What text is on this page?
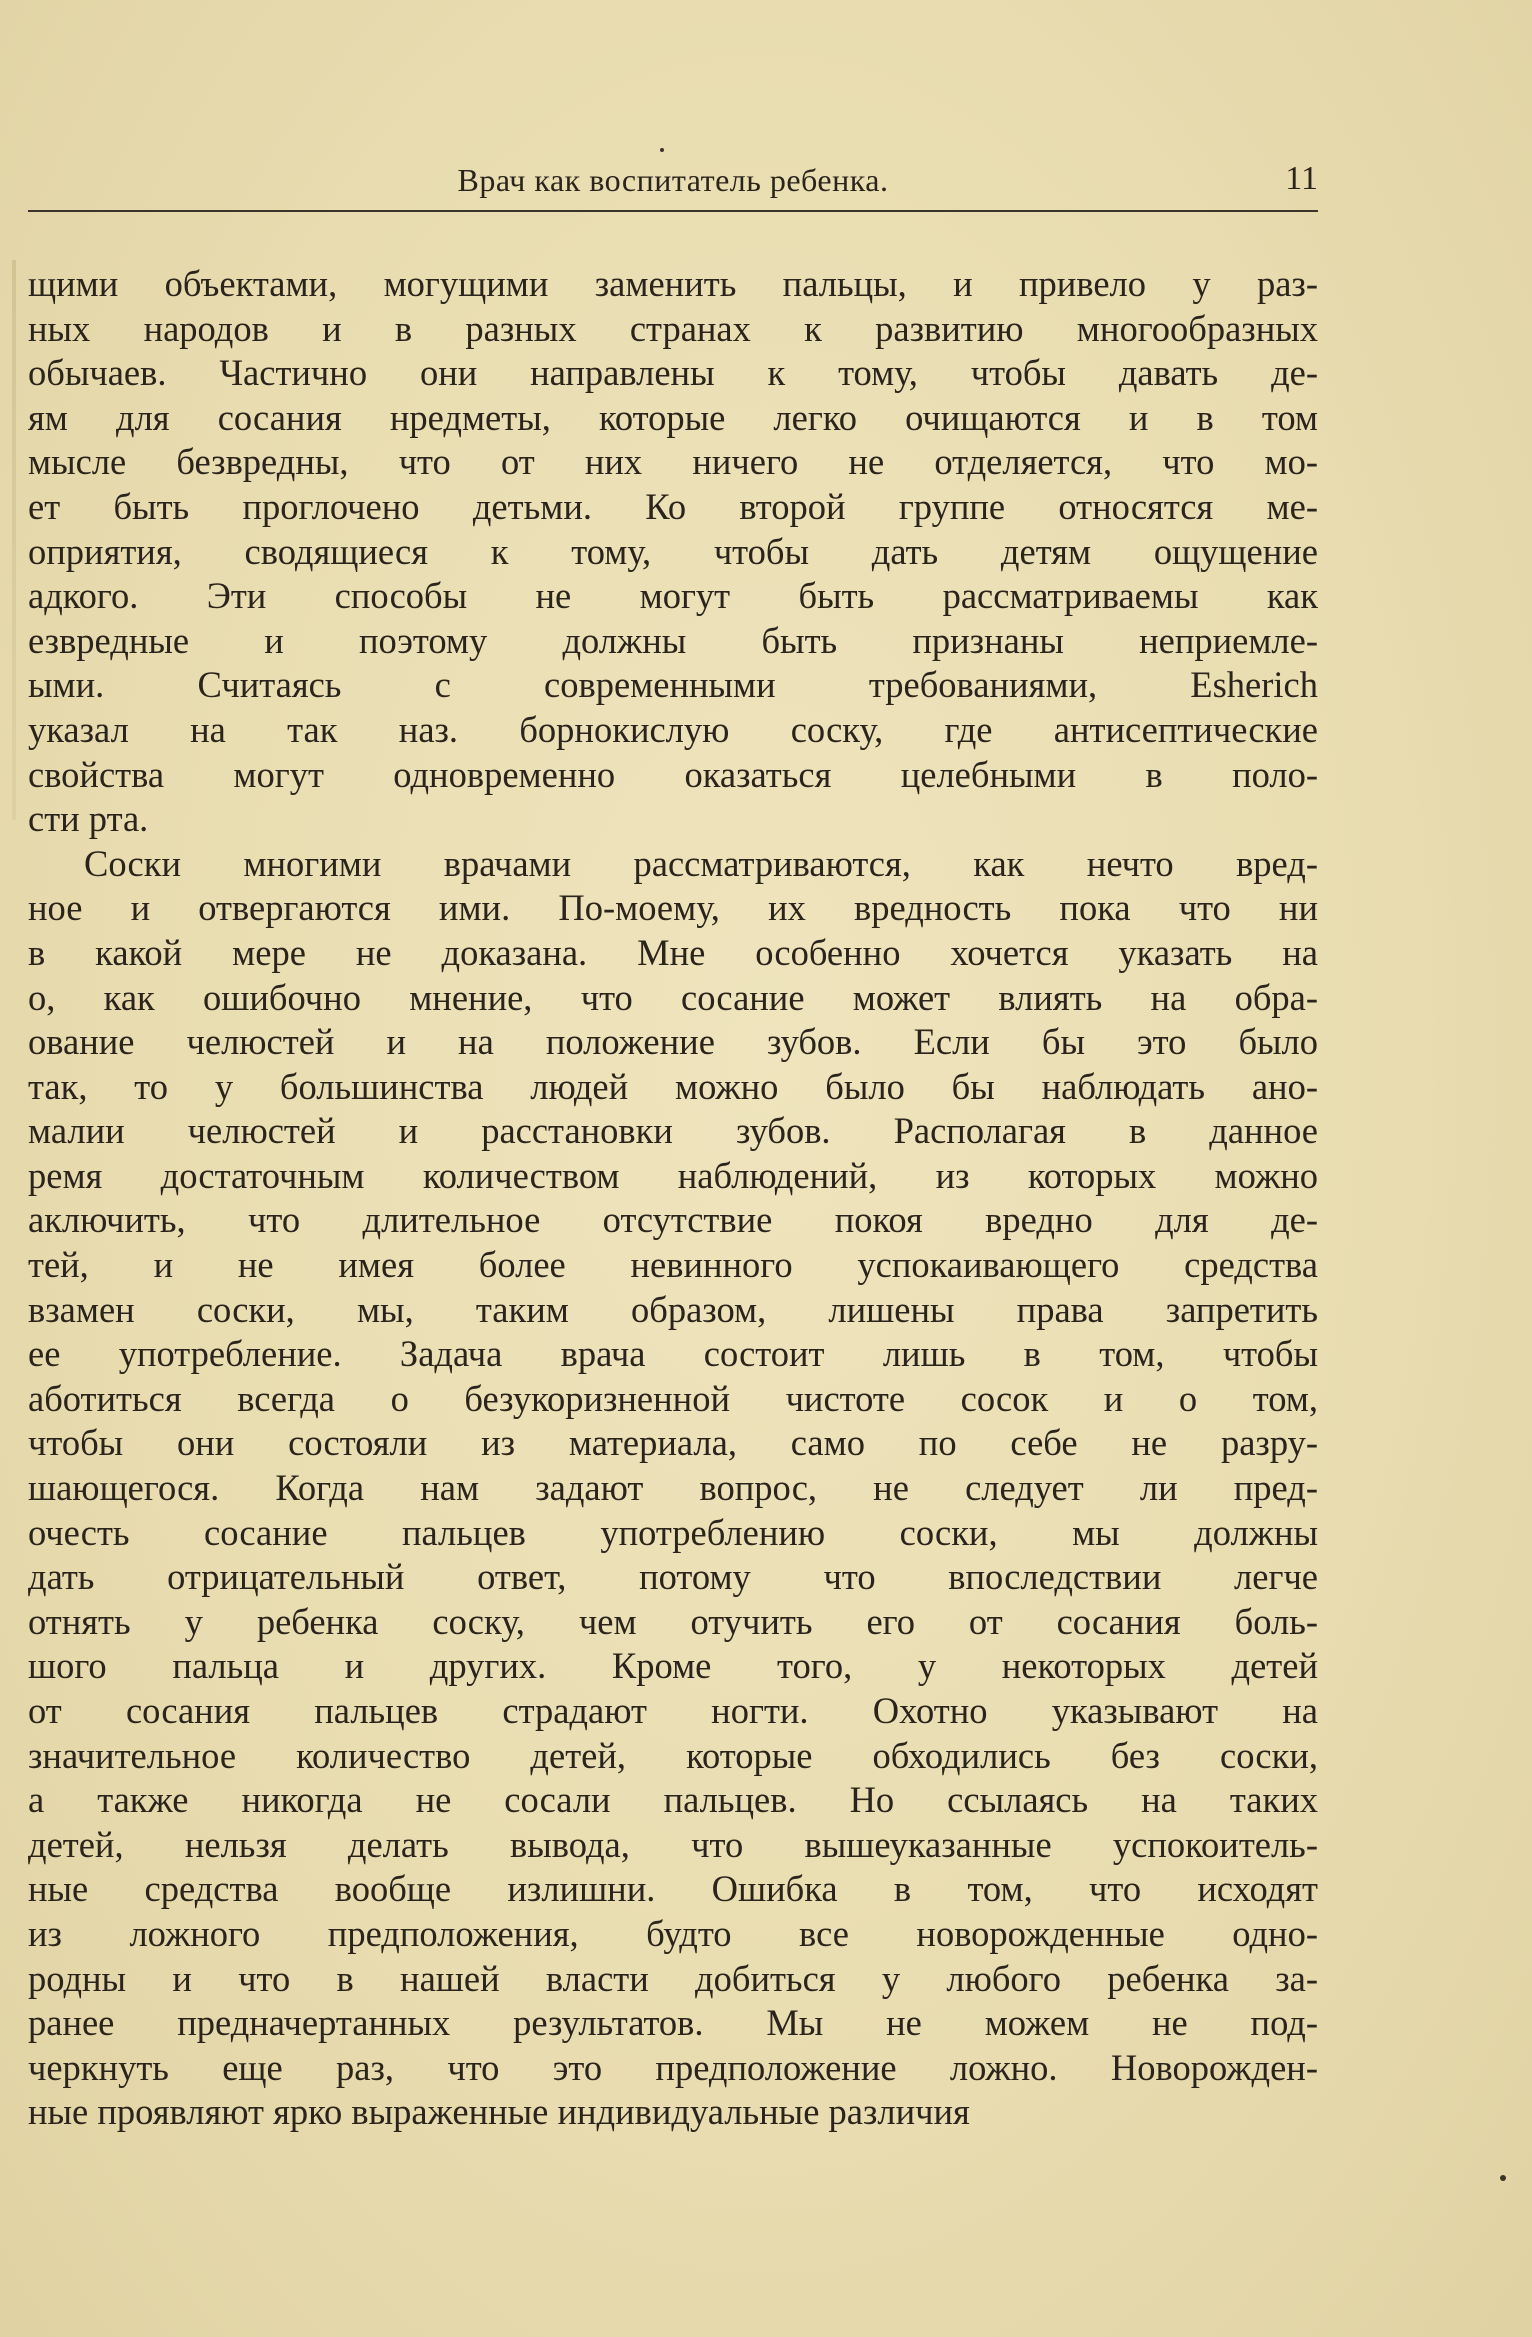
Врач как воспитатель ребенка.	11
щими объектами, могущими заменить пальцы, и привело у раз-
ных народов и в разных странах к развитию многообразных
обычаев. Частично они направлены к тому, чтобы давать де-
ям для сосания нредметы, которые легко очищаются и в том
мысле безвредны, что от них ничего не отделяется, что мо-
ет быть проглочено детьми. Ко второй группе относятся ме-
оприятия, сводящиеся к тому, чтобы дать детям ощущение
адкого. Эти способы не могут быть рассматриваемы как
езвредные и поэтому должны быть признаны неприемле-
ыми. Считаясь с современными требованиями, Esherich
указал на так наз. борнокислую соску, где антисептические
свойства могут одновременно оказаться целебными в поло-
сти рта.
Соски многими врачами рассматриваются, как нечто вред-
ное и отвергаются ими. По-моему, их вредность пока что ни
в какой мере не доказана. Мне особенно хочется указать на
о, как ошибочно мнение, что сосание может влиять на обра-
ование челюстей и на положение зубов. Если бы это было
так, то у большинства людей можно было бы наблюдать ано-
малии челюстей и расстановки зубов. Располагая в данное
ремя достаточным количеством наблюдений, из которых можно
аключить, что длительное отсутствие покоя вредно для де-
тей, и не имея более невинного успокаивающего средства
взамен соски, мы, таким образом, лишены права запретить
ее употребление. Задача врача состоит лишь в том, чтобы
аботиться всегда о безукоризненной чистоте сосок и о том,
чтобы они состояли из материала, само по себе не разру-
шающегося. Когда нам задают вопрос, не следует ли пред-
очесть сосание пальцев употреблению соски, мы должны
дать отрицательный ответ, потому что впоследствии легче
отнять у ребенка соску, чем отучить его от сосания боль-
шого пальца и других. Кроме того, у некоторых детей
от сосания пальцев страдают ногти. Охотно указывают на
значительное количество детей, которые обходились без соски,
а также никогда не сосали пальцев. Но ссылаясь на таких
детей, нельзя делать вывода, что вышеуказанные успокоитель-
ные средства вообще излишни. Ошибка в том, что исходят
из ложного предположения, будто все новорожденные одно-
родны и что в нашей власти добиться у любого ребенка за-
ранее предначертанных результатов. Мы не можем не под-
черкнуть еще раз, что это предположение ложно. Новорожден-
ные проявляют ярко выраженные индивидуальные различия
